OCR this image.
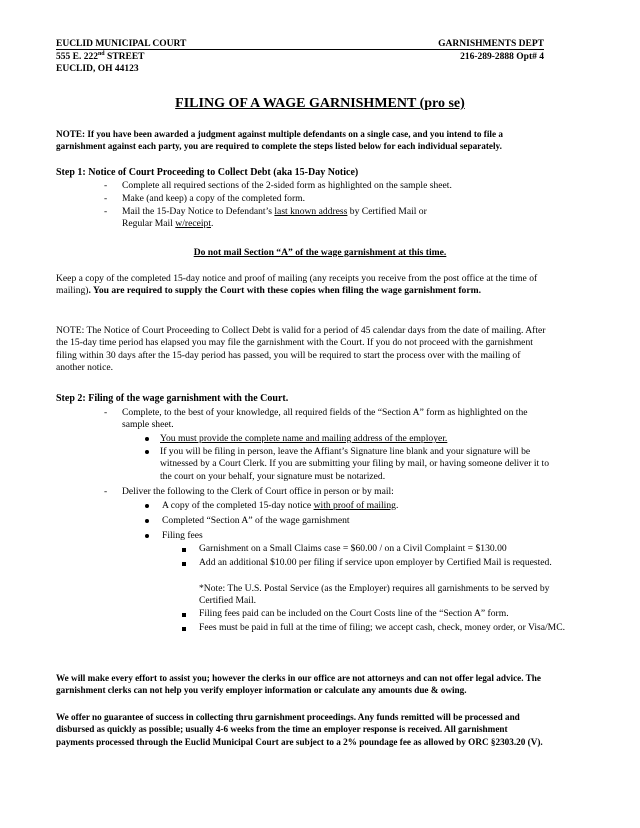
EUCLID MUNICIPAL COURT	GARNISHMENTS DEPT
555 E. 222nd STREET	216-289-2888 Opt# 4
EUCLID, OH 44123
FILING OF A WAGE GARNISHMENT (pro se)
NOTE: If you have been awarded a judgment against multiple defendants on a single case, and you intend to file a garnishment against each party, you are required to complete the steps listed below for each individual separately.
Step 1: Notice of Court Proceeding to Collect Debt (aka 15-Day Notice)
- Complete all required sections of the 2-sided form as highlighted on the sample sheet.
- Make (and keep) a copy of the completed form.
- Mail the 15-Day Notice to Defendant’s last known address by Certified Mail or
Regular Mail w/receipt.
Do not mail Section “A” of the wage garnishment at this time.
Keep a copy of the completed 15-day notice and proof of mailing (any receipts you receive from the post office at the time of mailing). You are required to supply the Court with these copies when filing the wage garnishment form.
NOTE: The Notice of Court Proceeding to Collect Debt is valid for a period of 45 calendar days from the date of mailing. After the 15-day time period has elapsed you may file the garnishment with the Court. If you do not proceed with the garnishment filing within 30 days after the 15-day period has passed, you will be required to start the process over with the mailing of another notice.
Step 2: Filing of the wage garnishment with the Court.
- Complete, to the best of your knowledge, all required fields of the “Section A” form as highlighted on the sample sheet.
You must provide the complete name and mailing address of the employer.
If you will be filing in person, leave the Affiant’s Signature line blank and your signature will be witnessed by a Court Clerk. If you are submitting your filing by mail, or having someone deliver it to the court on your behalf, your signature must be notarized.
- Deliver the following to the Clerk of Court office in person or by mail:
A copy of the completed 15-day notice with proof of mailing.
Completed “Section A” of the wage garnishment
Filing fees
Garnishment on a Small Claims case = $60.00 / on a Civil Complaint = $130.00
Add an additional $10.00 per filing if service upon employer by Certified Mail is requested.
*Note: The U.S. Postal Service (as the Employer) requires all garnishments to be served by Certified Mail.
Filing fees paid can be included on the Court Costs line of the “Section A” form.
Fees must be paid in full at the time of filing; we accept cash, check, money order, or Visa/MC.
We will make every effort to assist you; however the clerks in our office are not attorneys and can not offer legal advice. The garnishment clerks can not help you verify employer information or calculate any amounts due & owing.
We offer no guarantee of success in collecting thru garnishment proceedings. Any funds remitted will be processed and disbursed as quickly as possible; usually 4-6 weeks from the time an employer response is received. All garnishment payments processed through the Euclid Municipal Court are subject to a 2% poundage fee as allowed by ORC §2303.20 (V).
